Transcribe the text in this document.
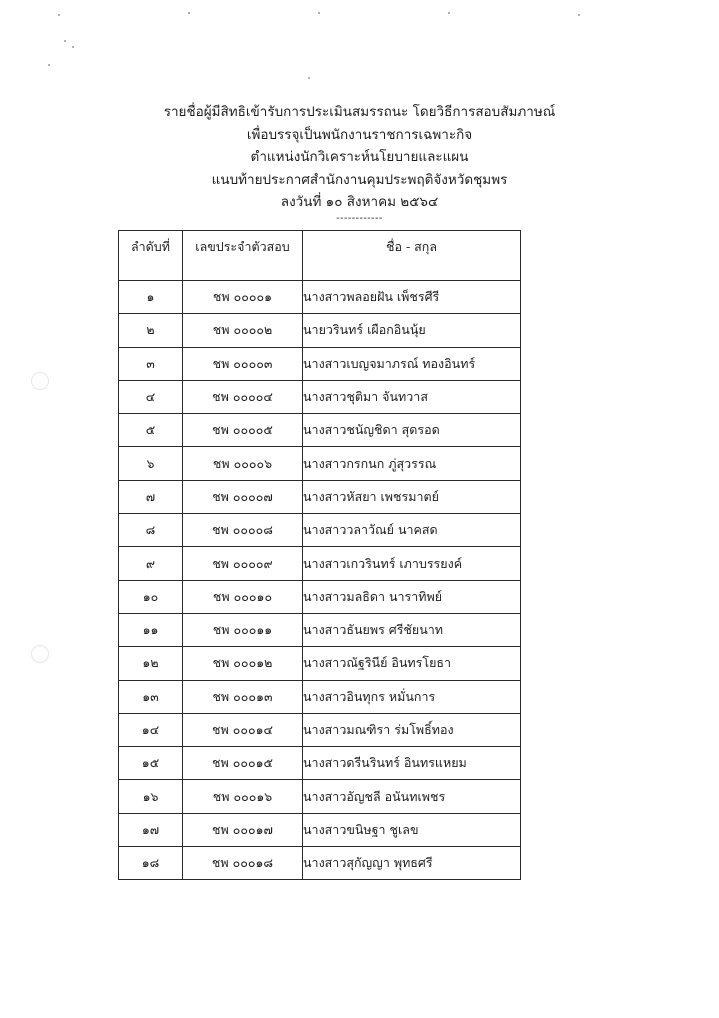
รายชื่อผู้มีสิทธิเข้ารับการประเมินสมรรถนะ โดยวิธีการสอบสัมภาษณ์
เพื่อบรรจุเป็นพนักงานราชการเฉพาะกิจ
ตำแหน่งนักวิเคราะห์นโยบายและแผน
แนบท้ายประกาศสำนักงานคุมประพฤติจังหวัดชุมพร
ลงวันที่ ๑๐ สิงหาคม ๒๕๖๔
------------
ลำดับที่	เลขประจำตัวสอบ	ชื่อ - สกุล
๑	ชพ ๐๐๐๐๑	นางสาวพลอยฝัน เพ็ชรศีรี
๒	ชพ ๐๐๐๐๒	นายวรินทร์ เผือกอินนุ้ย
๓	ชพ ๐๐๐๐๓	นางสาวเบญจมาภรณ์ ทองอินทร์
๔	ชพ ๐๐๐๐๔	นางสาวชุติมา จันทวาส
๕	ชพ ๐๐๐๐๕	นางสาวชนัญชิดา สุดรอด
๖	ชพ ๐๐๐๐๖	นางสาวกรกนก ภู่สุวรรณ
๗	ชพ ๐๐๐๐๗	นางสาวหัสยา เพชรมาตย์
๘	ชพ ๐๐๐๐๘	นางสาววลาวัณย์ นาคสด
๙	ชพ ๐๐๐๐๙	นางสาวเกวรินทร์ เภาบรรยงค์
๑๐	ชพ ๐๐๐๑๐	นางสาวมลธิดา นาราทิพย์
๑๑	ชพ ๐๐๐๑๑	นางสาวธันยพร ศรีชัยนาท
๑๒	ชพ ๐๐๐๑๒	นางสาวณัฐรินีย์ อินทรโยธา
๑๓	ชพ ๐๐๐๑๓	นางสาวอินทุกร หมั่นการ
๑๔	ชพ ๐๐๐๑๔	นางสาวมณฑิรา ร่มโพธิ์ทอง
๑๕	ชพ ๐๐๐๑๕	นางสาวดรีนรินทร์ อินทรแหยม
๑๖	ชพ ๐๐๐๑๖	นางสาวอัญชลี อนันทเพชร
๑๗	ชพ ๐๐๐๑๗	นางสาวขนิษฐา ชูเลข
๑๘	ชพ ๐๐๐๑๘	นางสาวสุกัญญา พุทธศรี
